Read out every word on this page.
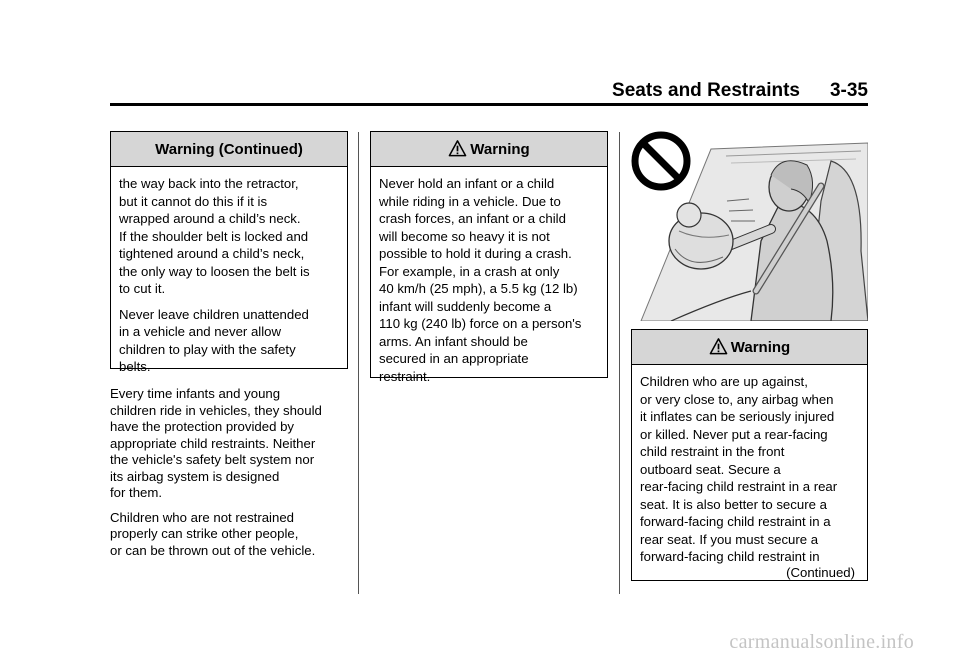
Seats and Restraints 3-35
Warning (Continued)

the way back into the retractor,
but it cannot do this if it is
wrapped around a child’s neck.
If the shoulder belt is locked and
tightened around a child’s neck,
the only way to loosen the belt is
to cut it.

Never leave children unattended
in a vehicle and never allow
children to play with the safety
belts.

Every time infants and young
children ride in vehicles, they should
have the protection provided by
appropriate child restraints. Neither
the vehicle's safety belt system nor
its airbag system is designed
for them.

Children who are not restrained
properly can strike other people,
or can be thrown out of the vehicle.

Warning
Never hold an infant or a child
while riding in a vehicle. Due to
crash forces, an infant or a child
will become so heavy it is not
possible to hold it during a crash.
For example, in a crash at only
40 km/h (25 mph), a 5.5 kg (12 lb)
infant will suddenly become a
110 kg (240 lb) force on a person's
arms. An infant should be
secured in an appropriate
restraint.
Warning
Children who are up against,
or very close to, any airbag when
it inflates can be seriously injured
or killed. Never put a rear-facing
child restraint in the front
outboard seat. Secure a
rear-facing child restraint in a rear
seat. It is also better to secure a
forward-facing child restraint in a
rear seat. If you must secure a
forward-facing child restraint in
(Continued)
carmanualsonline.info
